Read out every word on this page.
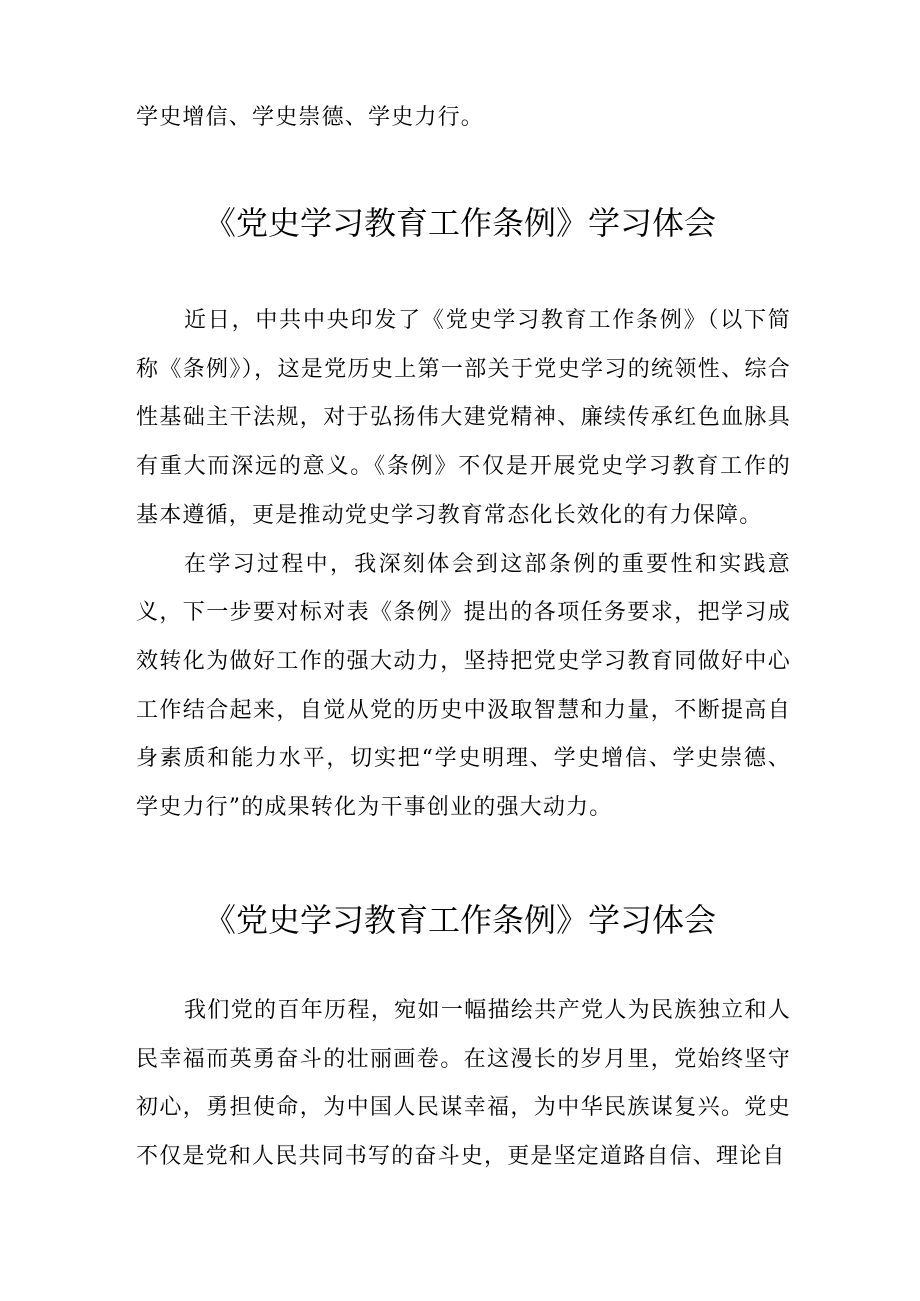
学史增信、学史崇德、学史力行。

《党史学习教育工作条例》学习体会

近日，中共中央印发了《党史学习教育工作条例》（以下简称《条例》），这是党历史上第一部关于党史学习的统领性、综合性基础主干法规，对于弘扬伟大建党精神、廉续传承红色血脉具有重大而深远的意义。《条例》不仅是开展党史学习教育工作的基本遵循，更是推动党史学习教育常态化长效化的有力保障。

在学习过程中，我深刻体会到这部条例的重要性和实践意义，下一步要对标对表《条例》提出的各项任务要求，把学习成效转化为做好工作的强大动力，坚持把党史学习教育同做好中心工作结合起来，自觉从党的历史中汲取智慧和力量，不断提高自身素质和能力水平，切实把“学史明理、学史增信、学史崇德、学史力行”的成果转化为干事创业的强大动力。

《党史学习教育工作条例》学习体会

我们党的百年历程，宛如一幅描绘共产党人为民族独立和人民幸福而英勇奋斗的壮丽画卷。在这漫长的岁月里，党始终坚守初心，勇担使命，为中国人民谋幸福，为中华民族谋复兴。党史不仅是党和人民共同书写的奋斗史，更是坚定道路自信、理论自
